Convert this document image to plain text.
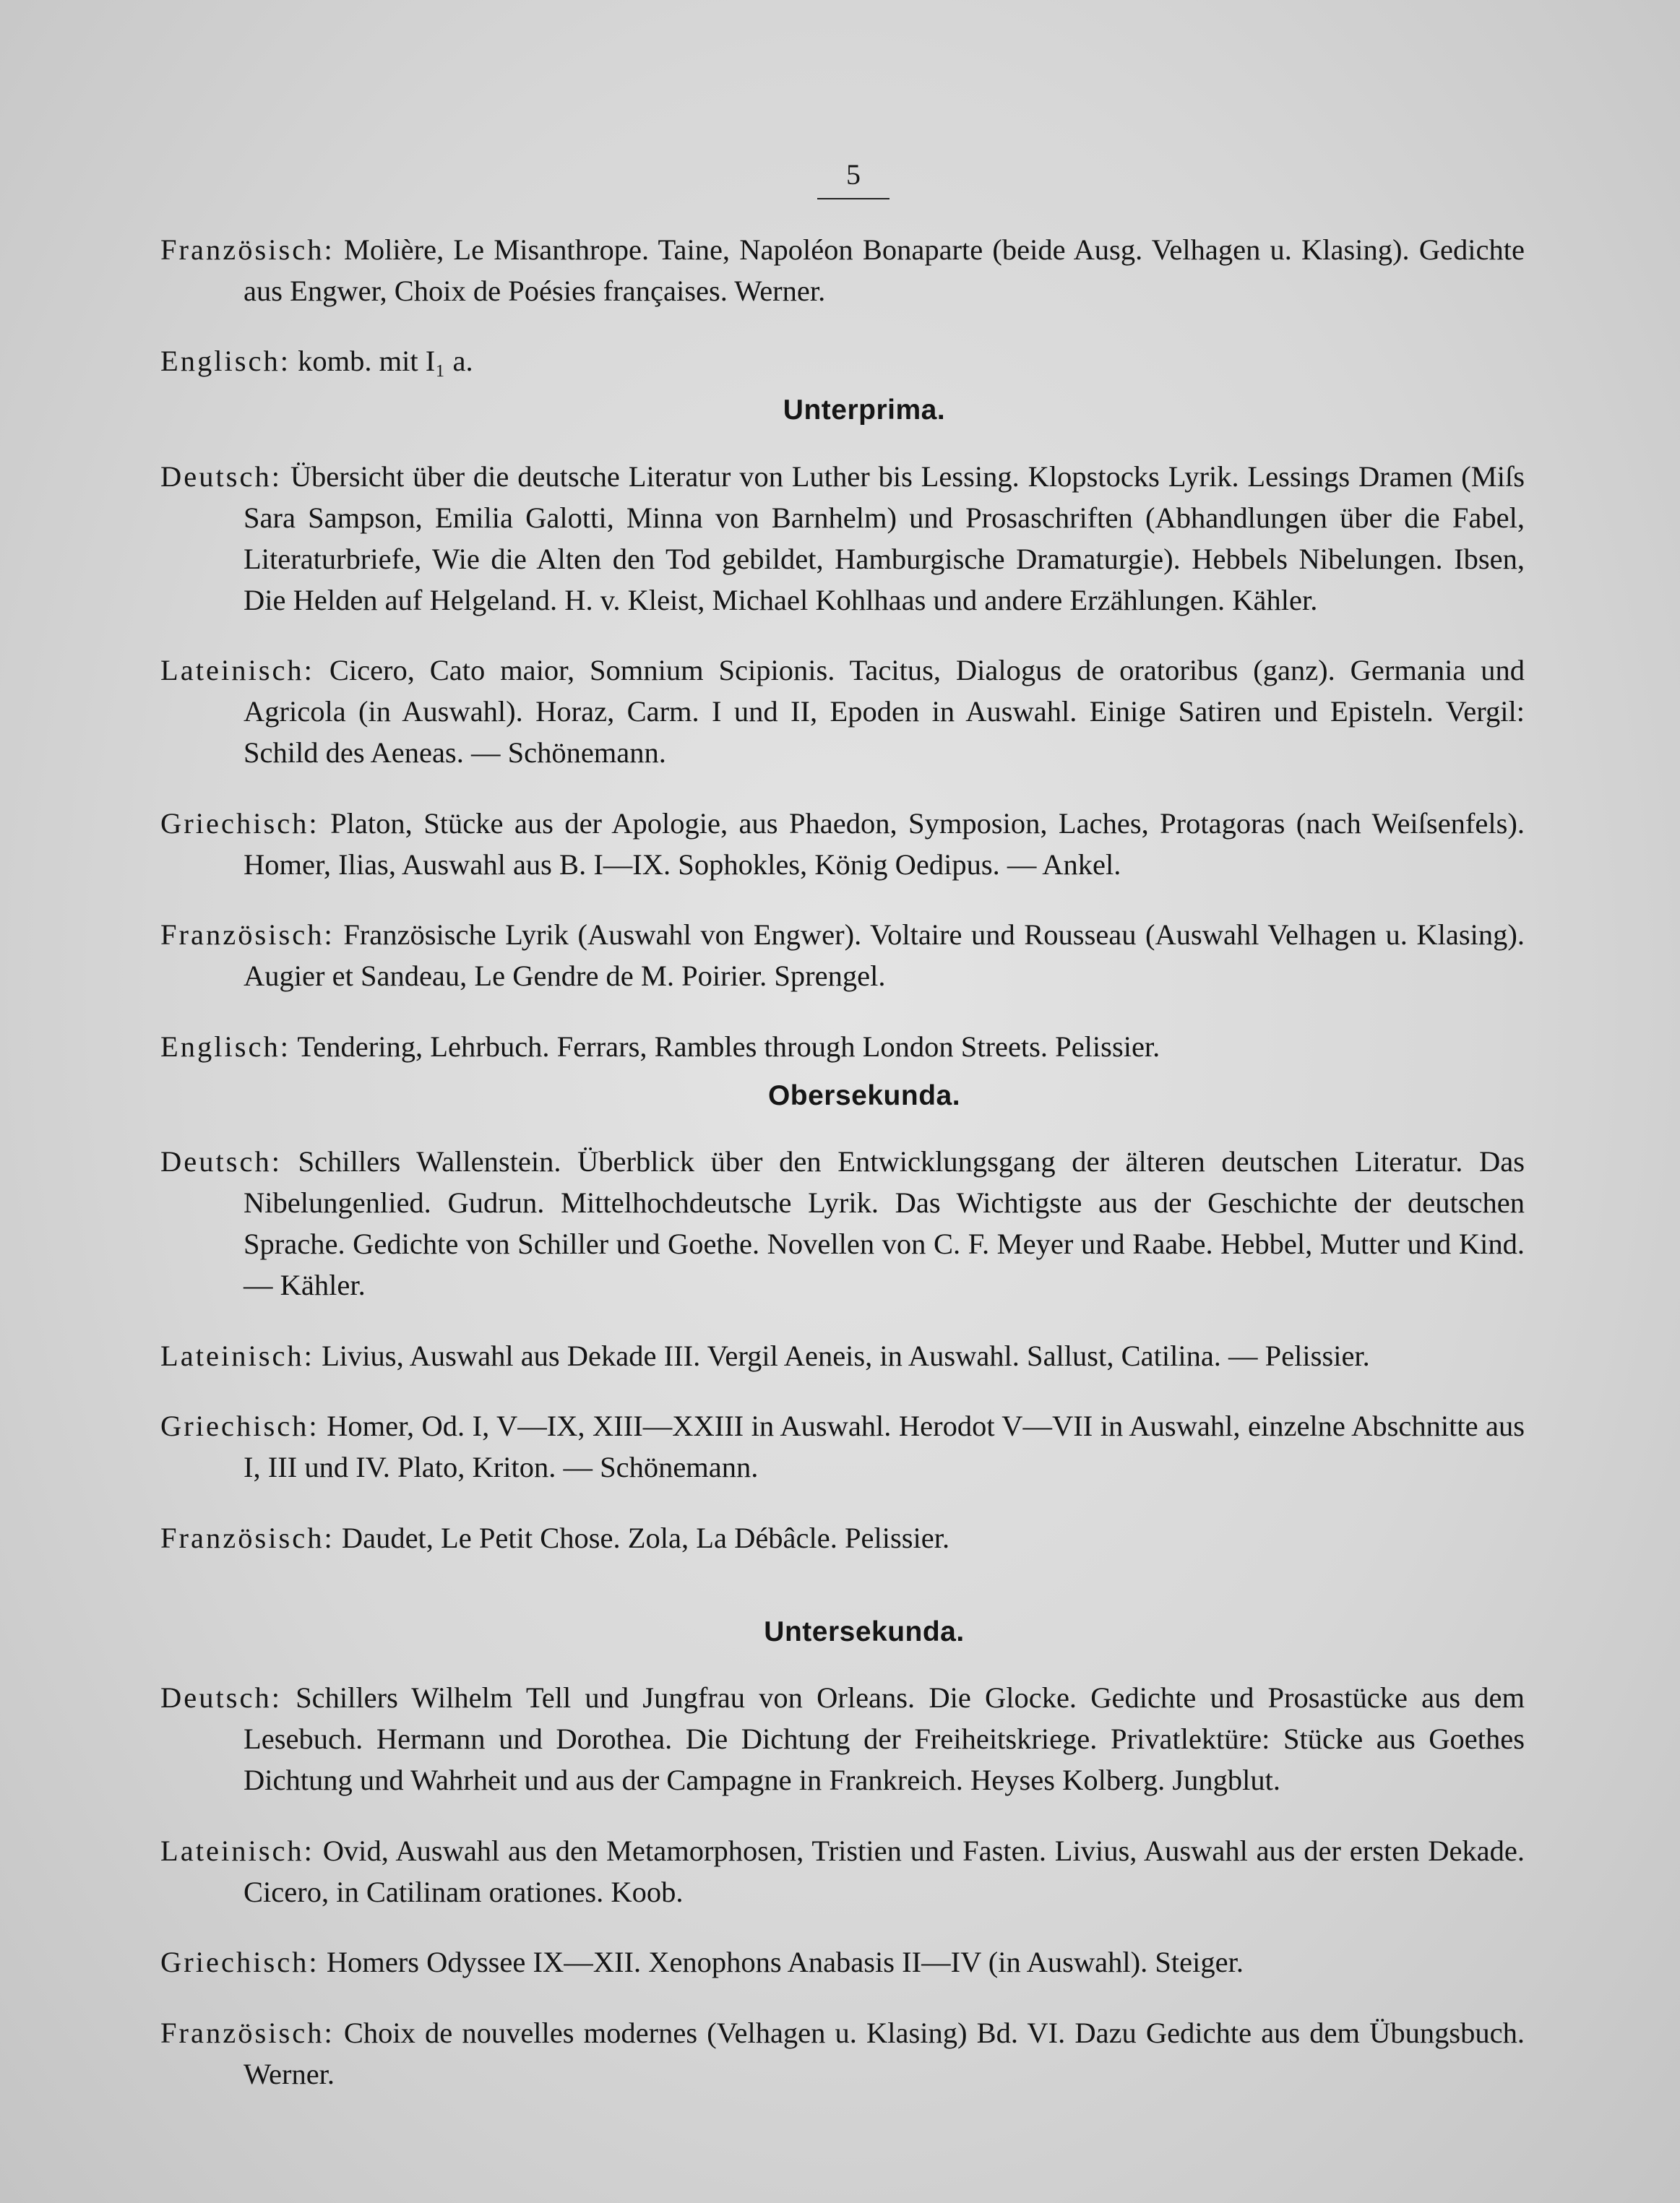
5

Französisch: Molière, Le Misanthrope. Taine, Napoléon Bonaparte (beide Ausg. Velhagen u. Klasing). Gedichte aus Engwer, Choix de Poésies françaises. Werner.

Englisch: komb. mit I₁ a.

Unterprima.

Deutsch: Übersicht über die deutsche Literatur von Luther bis Lessing. Klopstocks Lyrik. Lessings Dramen (Miſs Sara Sampson, Emilia Galotti, Minna von Barnhelm) und Prosaschriften (Abhandlungen über die Fabel, Literaturbriefe, Wie die Alten den Tod gebildet, Hamburgische Dramaturgie). Hebbels Nibelungen. Ibsen, Die Helden auf Helgeland. H. v. Kleist, Michael Kohlhaas und andere Erzählungen. Kähler.

Lateinisch: Cicero, Cato maior, Somnium Scipionis. Tacitus, Dialogus de oratoribus (ganz). Germania und Agricola (in Auswahl). Horaz, Carm. I und II, Epoden in Auswahl. Einige Satiren und Episteln. Vergil: Schild des Aeneas. — Schönemann.

Griechisch: Platon, Stücke aus der Apologie, aus Phaedon, Symposion, Laches, Protagoras (nach Weiſsenfels). Homer, Ilias, Auswahl aus B. I—IX. Sophokles, König Oedipus. — Ankel.

Französisch: Französische Lyrik (Auswahl von Engwer). Voltaire und Rousseau (Auswahl Velhagen u. Klasing). Augier et Sandeau, Le Gendre de M. Poirier. Sprengel.

Englisch: Tendering, Lehrbuch. Ferrars, Rambles through London Streets. Pelissier.

Obersekunda.

Deutsch: Schillers Wallenstein. Überblick über den Entwicklungsgang der älteren deutschen Literatur. Das Nibelungenlied. Gudrun. Mittelhochdeutsche Lyrik. Das Wichtigste aus der Geschichte der deutschen Sprache. Gedichte von Schiller und Goethe. Novellen von C. F. Meyer und Raabe. Hebbel, Mutter und Kind. — Kähler.

Lateinisch: Livius, Auswahl aus Dekade III. Vergil Aeneis, in Auswahl. Sallust, Catilina. — Pelissier.

Griechisch: Homer, Od. I, V—IX, XIII—XXIII in Auswahl. Herodot V—VII in Auswahl, einzelne Abschnitte aus I, III und IV. Plato, Kriton. — Schönemann.

Französisch: Daudet, Le Petit Chose. Zola, La Débâcle. Pelissier.

Untersekunda.

Deutsch: Schillers Wilhelm Tell und Jungfrau von Orleans. Die Glocke. Gedichte und Prosastücke aus dem Lesebuch. Hermann und Dorothea. Die Dichtung der Freiheitskriege. Privatlektüre: Stücke aus Goethes Dichtung und Wahrheit und aus der Campagne in Frankreich. Heyses Kolberg. Jungblut.

Lateinisch: Ovid, Auswahl aus den Metamorphosen, Tristien und Fasten. Livius, Auswahl aus der ersten Dekade. Cicero, in Catilinam orationes. Koob.

Griechisch: Homers Odyssee IX—XII. Xenophons Anabasis II—IV (in Auswahl). Steiger.

Französisch: Choix de nouvelles modernes (Velhagen u. Klasing) Bd. VI. Dazu Gedichte aus dem Übungsbuch. Werner.
